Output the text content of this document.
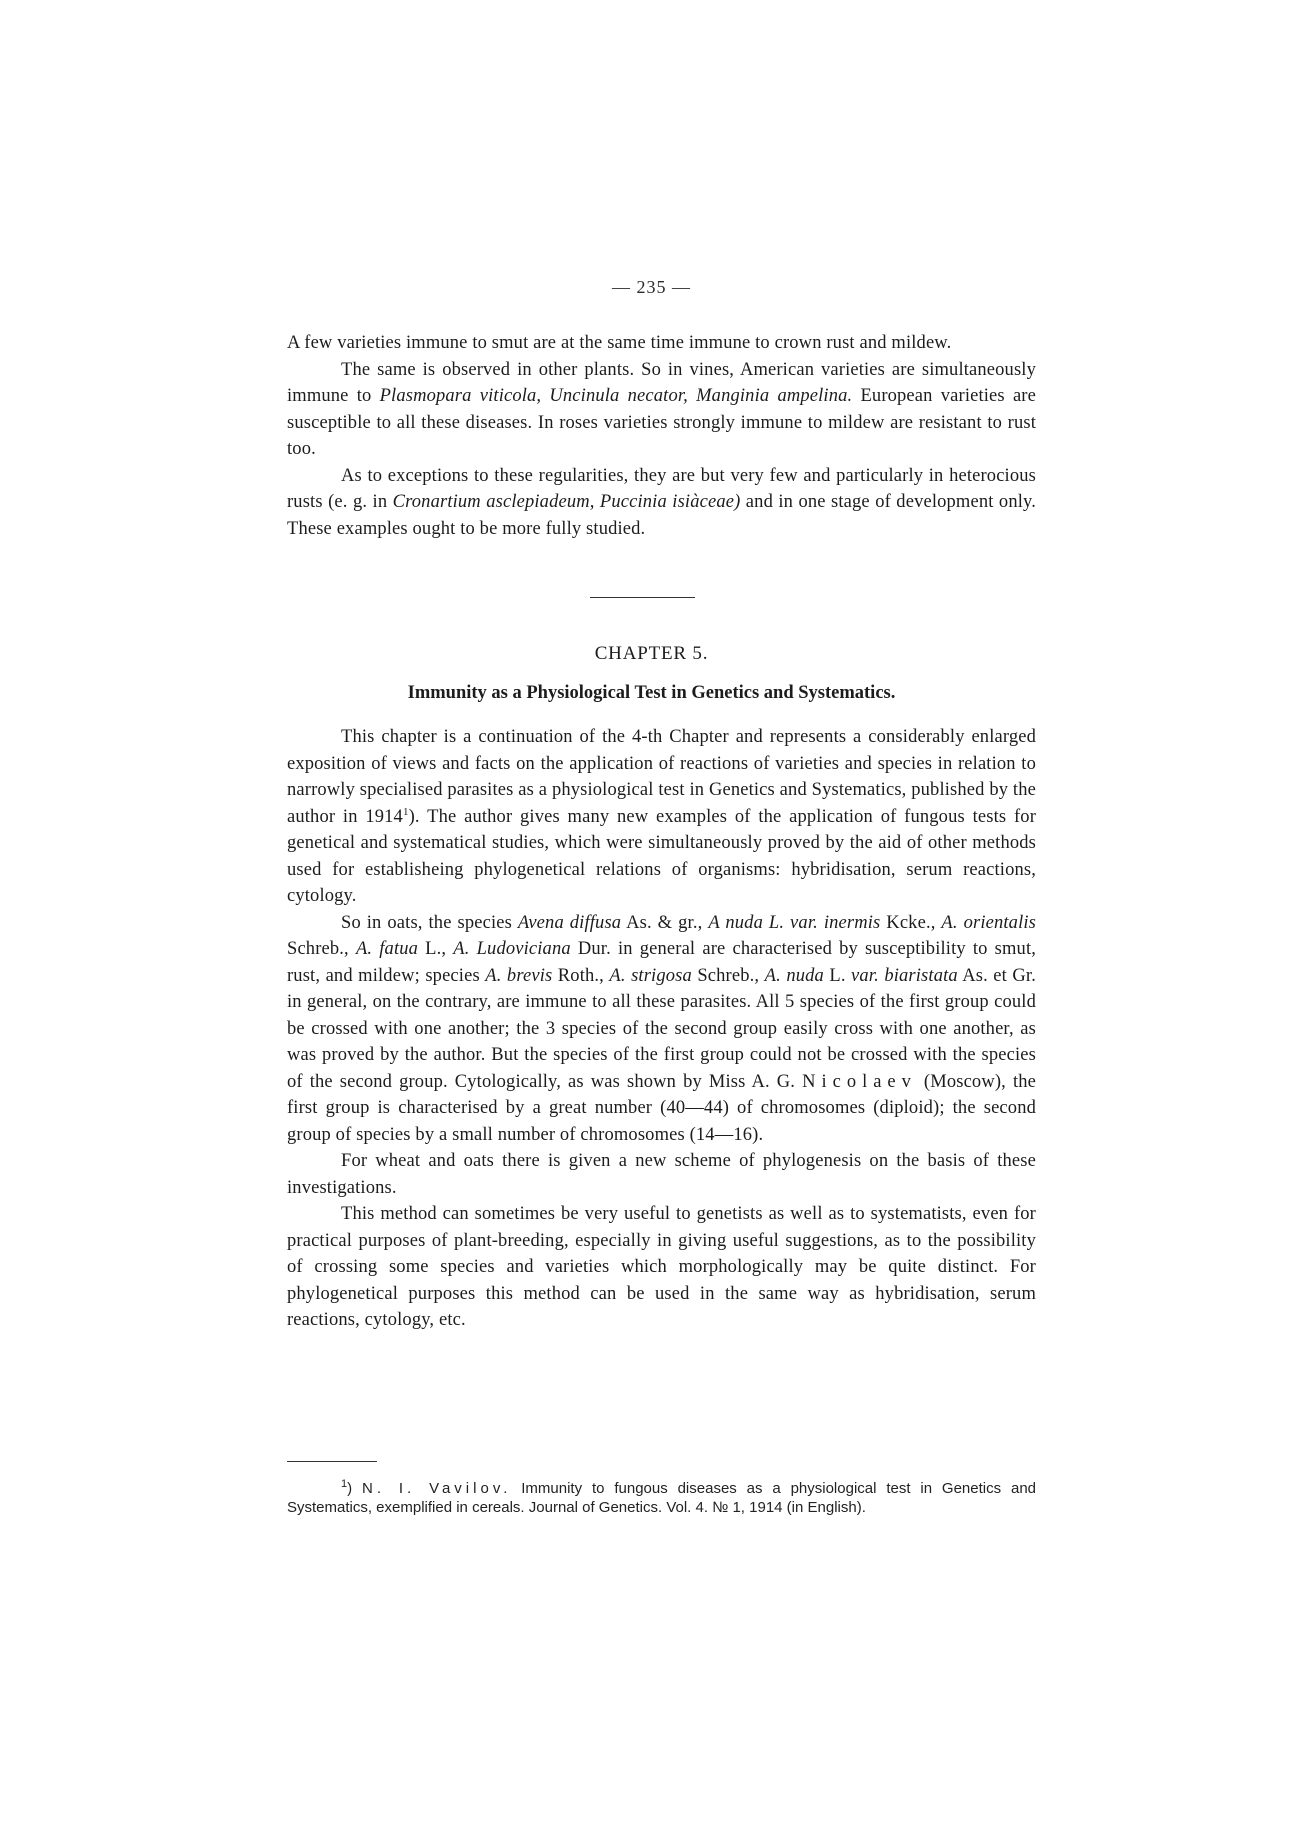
— 235 —

A few varieties immune to smut are at the same time immune to crown rust and mildew.

The same is observed in other plants. So in vines, American varieties are simultaneously immune to Plasmopara viticola, Uncinula necator, Manginia ampelina. European varieties are susceptible to all these diseases. In roses varieties strongly immune to mildew are resistant to rust too.

As to exceptions to these regularities, they are but very few and particularly in heterocious rusts (e. g. in Cronartium asclepiadeum, Puccinia isiàceae) and in one stage of development only. These examples ought to be more fully studied.

CHAPTER 5.
Immunity as a Physiological Test in Genetics and Systematics.

This chapter is a continuation of the 4-th Chapter and represents a considerably enlarged exposition of views and facts on the application of reactions of varieties and species in relation to narrowly specialised parasites as a physiological test in Genetics and Systematics, published by the author in 1914$^1$). The author gives many new examples of the application of fungous tests for genetical and systematical studies, which were simultaneously proved by the aid of other methods used for establisheing phylogenetical relations of organisms: hybridisation, serum reactions, cytology.

So in oats, the species Avena diffusa As. & gr., A nuda L. var. inermis Kcke., A. orientalis Schreb., A. fatua L., A. Ludoviciana Dur. in general are characterised by susceptibility to smut, rust, and mildew; species A. brevis Roth., A. strigosa Schreb., A. nuda L. var. biaristata As. et Gr. in general, on the contrary, are immune to all these parasites. All 5 species of the first group could be crossed with one another; the 3 species of the second group easily cross with one another, as was proved by the author. But the species of the first group could not be crossed with the species of the second group. Cytologically, as was shown by Miss A. G. Nicolaev (Moscow), the first group is characterised by a great number (40—44) of chromosomes (diploid); the second group of species by a small number of chromosomes (14—16).

For wheat and oats there is given a new scheme of phylogenesis on the basis of these investigations.

This method can sometimes be very useful to genetists as well as to systematists, even for practical purposes of plant-breeding, especially in giving useful suggestions, as to the possibility of crossing some species and varieties which morphologically may be quite distinct. For phylogenetical purposes this method can be used in the same way as hybridisation, serum reactions, cytology, etc.

$^1$) N. I. Vavilov. Immunity to fungous diseases as a physiological test in Genetics and Systematics, exemplified in cereals. Journal of Genetics. Vol. 4. № 1, 1914 (in English).
